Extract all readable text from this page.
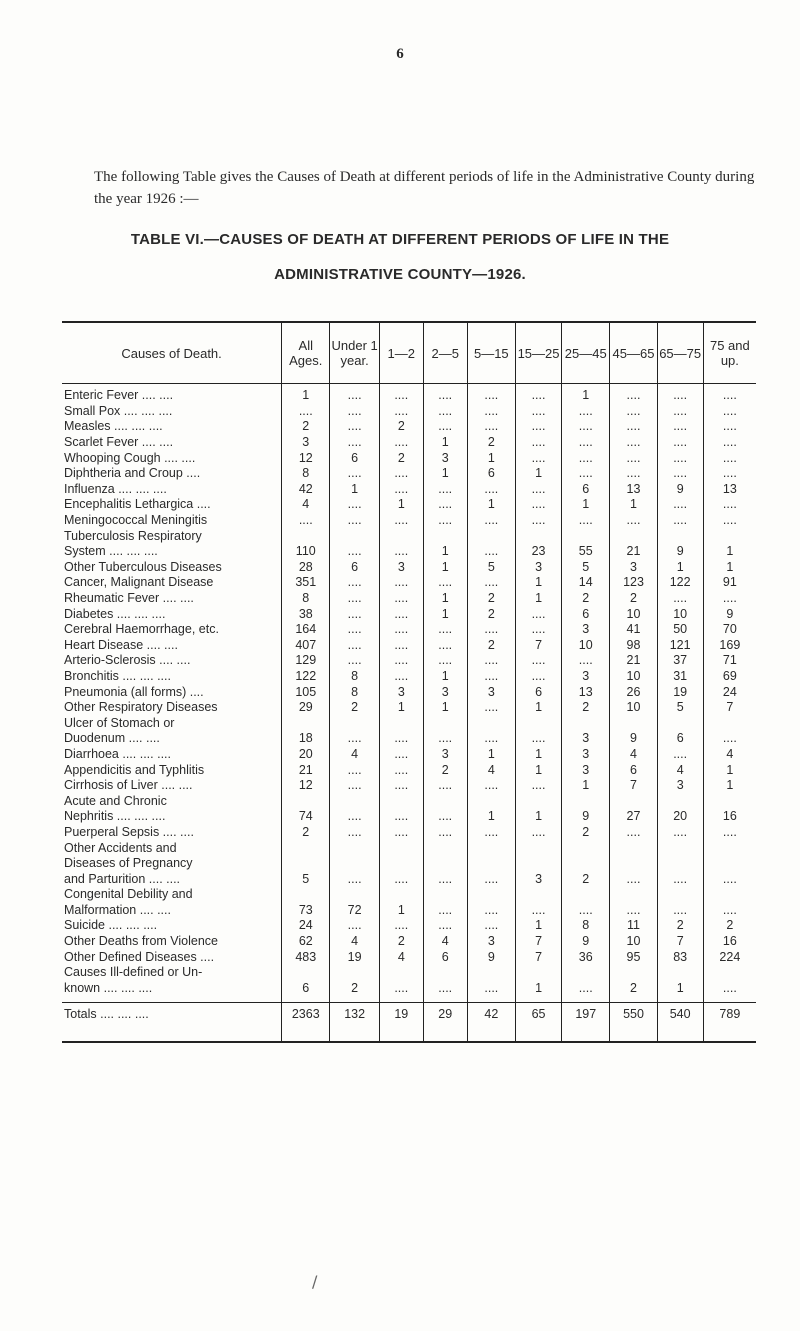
6
The following Table gives the Causes of Death at different periods of life in the Administrative County during the year 1926 :—
TABLE VI.—CAUSES OF DEATH AT DIFFERENT PERIODS OF LIFE IN THE
ADMINISTRATIVE COUNTY—1926.
Causes of Death.	All Ages.	Under 1 year.	1—2	2—5	5—15	15—25	25—45	45—65	65—75	75 and up.
Enteric Fever .... ....	1	....	....	....	....	....	1	....	....	....
Small Pox .... .... ....	....	....	....	....	....	....	....	....	....	....
Measles .... .... ....	2	....	2	....	....	....	....	....	....	....
Scarlet Fever .... ....	3	....	....	1	2	....	....	....	....	....
Whooping Cough .... ....	12	6	2	3	1	....	....	....	....	....
Diphtheria and Croup ....	8	....	....	1	6	1	....	....	....	....
Influenza .... .... ....	42	1	....	....	....	....	6	13	9	13
Encephalitis Lethargica ....	4	....	1	....	1	....	1	1	....	....
Meningococcal Meningitis	....	....	....	....	....	....	....	....	....	....
Tuberculosis Respiratory										
System .... .... ....	110	....	....	1	....	23	55	21	9	1
Other Tuberculous Diseases	28	6	3	1	5	3	5	3	1	1
Cancer, Malignant Disease	351	....	....	....	....	1	14	123	122	91
Rheumatic Fever .... ....	8	....	....	1	2	1	2	2	....	....
Diabetes .... .... ....	38	....	....	1	2	....	6	10	10	9
Cerebral Haemorrhage, etc.	164	....	....	....	....	....	3	41	50	70
Heart Disease .... ....	407	....	....	....	2	7	10	98	121	169
Arterio-Sclerosis .... ....	129	....	....	....	....	....	....	21	37	71
Bronchitis .... .... ....	122	8	....	1	....	....	3	10	31	69
Pneumonia (all forms) ....	105	8	3	3	3	6	13	26	19	24
Other Respiratory Diseases	29	2	1	1	....	1	2	10	5	7
Ulcer of Stomach or										
Duodenum .... ....	18	....	....	....	....	....	3	9	6	....
Diarrhoea .... .... ....	20	4	....	3	1	1	3	4	....	4
Appendicitis and Typhlitis	21	....	....	2	4	1	3	6	4	1
Cirrhosis of Liver .... ....	12	....	....	....	....	....	1	7	3	1
Acute and Chronic										
Nephritis .... .... ....	74	....	....	....	1	1	9	27	20	16
Puerperal Sepsis .... ....	2	....	....	....	....	....	2	....	....	....
Other Accidents and										
Diseases of Pregnancy										
and Parturition .... ....	5	....	....	....	....	3	2	....	....	....
Congenital Debility and										
Malformation .... ....	73	72	1	....	....	....	....	....	....	....
Suicide .... .... ....	24	....	....	....	....	1	8	11	2	2
Other Deaths from Violence	62	4	2	4	3	7	9	10	7	16
Other Defined Diseases ....	483	19	4	6	9	7	36	95	83	224
Causes Ill-defined or Un-										
known .... .... ....	6	2	....	....	....	1	....	2	1	....
Totals .... .... ....	2363	132	19	29	42	65	197	550	540	789
/
